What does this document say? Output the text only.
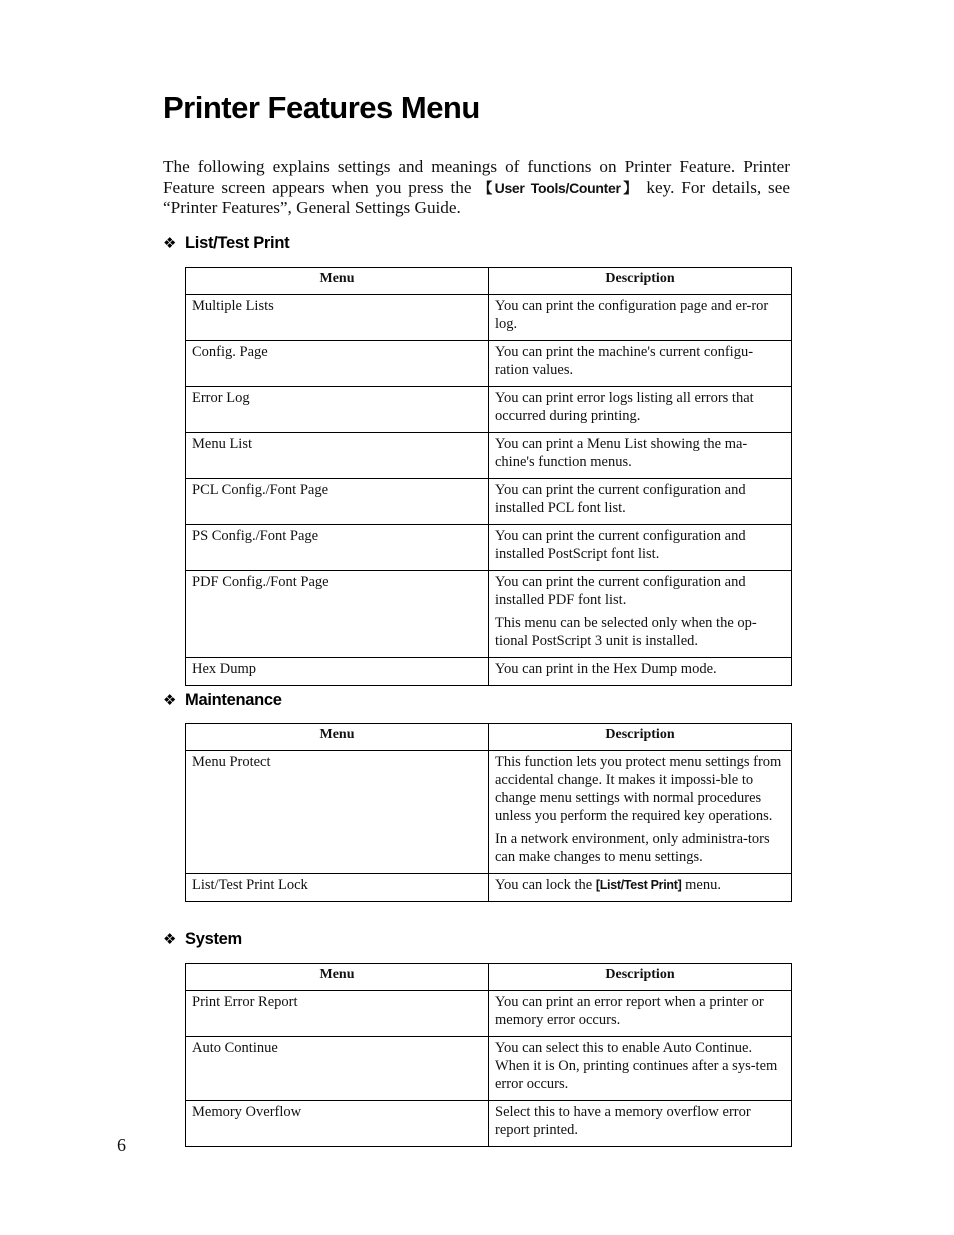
Printer Features Menu

The following explains settings and meanings of functions on Printer Feature. Printer Feature screen appears when you press the 【User Tools/Counter】 key. For details, see “Printer Features”, General Settings Guide.

❖ List/Test Print
Menu	Description
Multiple Lists	You can print the configuration page and er-ror log.

Config. Page	You can print the machine's current configu-ration values.

Error Log	You can print error logs listing all errors that occurred during printing.

Menu List	You can print a Menu List showing the ma-chine's function menus.

PCL Config./Font Page	You can print the current configuration and installed PCL font list.

PS Config./Font Page	You can print the current configuration and installed PostScript font list.

PDF Config./Font Page	You can print the current configuration and installed PDF font list.

This menu can be selected only when the op-tional PostScript 3 unit is installed.

Hex Dump	You can print in the Hex Dump mode.

❖ Maintenance
Menu	Description
Menu Protect	This function lets you protect menu settings from accidental change. It makes it impossi-ble to change menu settings with normal procedures unless you perform the required key operations.

In a network environment, only administra-tors can make changes to menu settings.

List/Test Print Lock	You can lock the [List/Test Print] menu.

❖ System
Menu	Description
Print Error Report	You can print an error report when a printer or memory error occurs.

Auto Continue	You can select this to enable Auto Continue. When it is On, printing continues after a sys-tem error occurs.

Memory Overflow	Select this to have a memory overflow error report printed.

6
